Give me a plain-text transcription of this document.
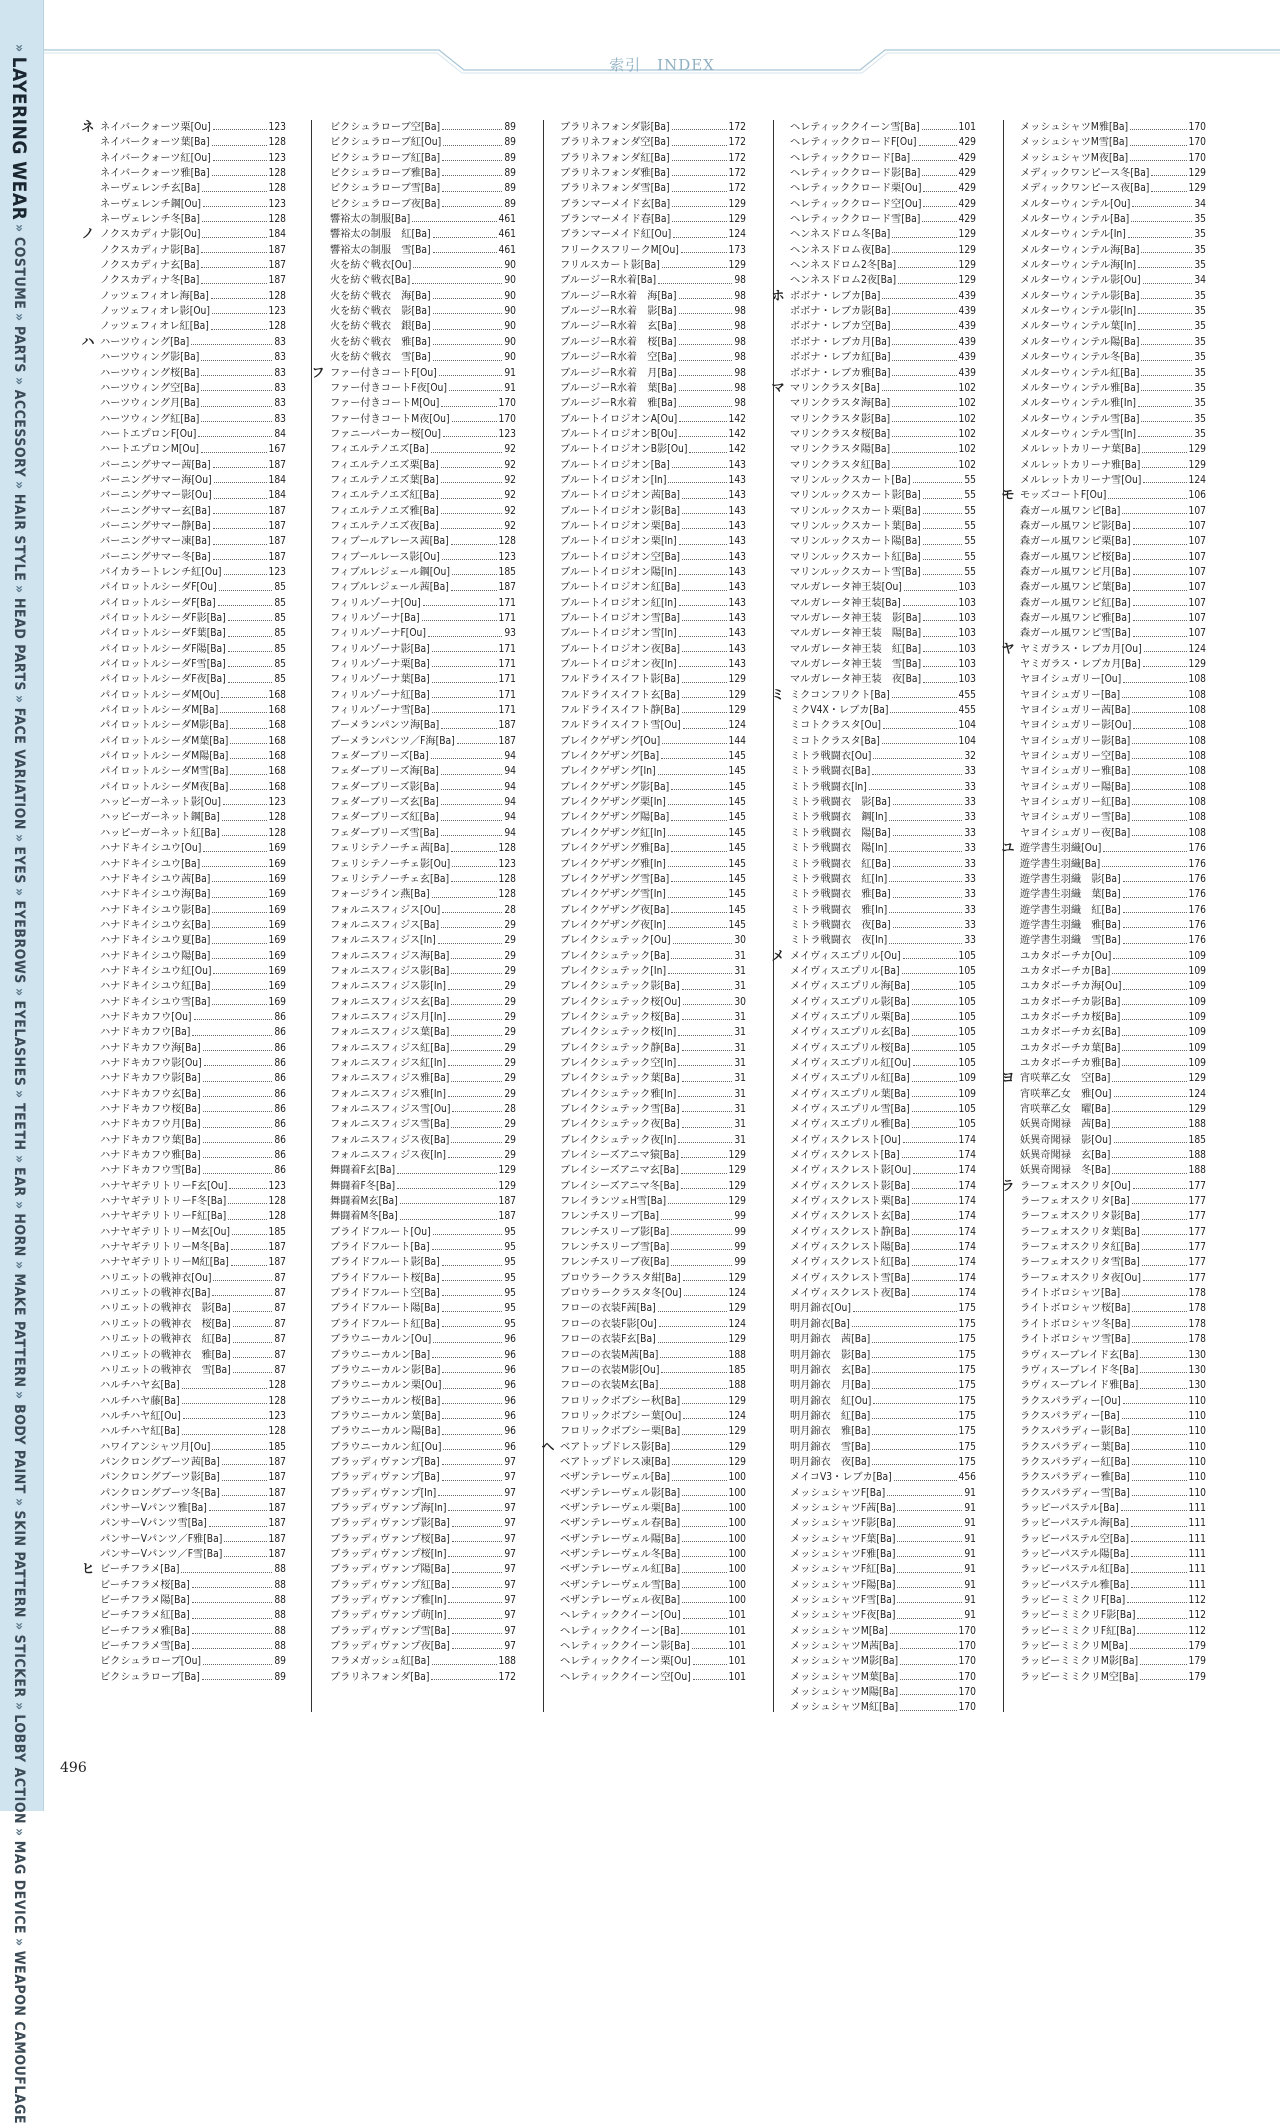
»LAYERING WEAR»COSTUME»PARTS»ACCESSORY»HAIR STYLE»HEAD PARTS»FACE VARIATION»EYES»EYEBROWS»EYELASHES»TEETH»EAR»HORN»MAKE PATTERN»BODY PAINT»SKIN PATTERN»STICKER»LOBBY ACTION»MAG DEVICE»WEAPON CAMOUFLAGE
索引　INDEX
ネ ネイバークォーツ栗[Ou]	123
ネイバークォーツ葉[Ba]	128
ネイバークォーツ紅[Ou]	123
ネイバークォーツ雅[Ba]	128
ネーヴェレンチ玄[Ba]	128
ネーヴェレンチ鋼[Ou]	123
ネーヴェレンチ冬[Ba]	128
ノ ノクスカディナ影[Ou]	184
ノクスカディナ影[Ba]	187
ノクスカディナ玄[Ba]	187
ノクスカディナ冬[Ba]	187
ノッツェフィオレ海[Ba]	128
ノッツェフィオレ影[Ou]	123
ノッツェフィオレ紅[Ba]	128
ハ ハーツウィング[Ba]	83
ハーツウィング影[Ba]	83
ハーツウィング桜[Ba]	83
ハーツウィング空[Ba]	83
ハーツウィング月[Ba]	83
ハーツウィング紅[Ba]	83
ハートエプロンF[Ou]	84
ハートエプロンM[Ou]	167
バーニングサマー茜[Ba]	187
バーニングサマー海[Ou]	184
バーニングサマー影[Ou]	184
バーニングサマー玄[Ba]	187
バーニングサマー静[Ba]	187
バーニングサマー凍[Ba]	187
バーニングサマー冬[Ba]	187
バイカラートレンチ紅[Ou]	123
パイロットルシーダF[Ou]	85
パイロットルシーダF[Ba]	85
パイロットルシーダF影[Ba]	85
パイロットルシーダF葉[Ba]	85
パイロットルシーダF陽[Ba]	85
パイロットルシーダF雪[Ba]	85
パイロットルシーダF夜[Ba]	85
パイロットルシーダM[Ou]	168
パイロットルシーダM[Ba]	168
パイロットルシーダM影[Ba]	168
パイロットルシーダM葉[Ba]	168
パイロットルシーダM陽[Ba]	168
パイロットルシーダM雪[Ba]	168
パイロットルシーダM夜[Ba]	168
ハッピーガーネット影[Ou]	123
ハッピーガーネット鋼[Ba]	128
ハッピーガーネット紅[Ba]	128
ハナドキイシユウ[Ou]	169
ハナドキイシユウ[Ba]	169
ハナドキイシユウ茜[Ba]	169
ハナドキイシユウ海[Ba]	169
ハナドキイシユウ影[Ba]	169
ハナドキイシユウ玄[Ba]	169
ハナドキイシユウ夏[Ba]	169
ハナドキイシユウ陽[Ba]	169
ハナドキイシユウ紅[Ou]	169
ハナドキイシユウ紅[Ba]	169
ハナドキイシユウ雪[Ba]	169
ハナドキカフウ[Ou]	86
ハナドキカフウ[Ba]	86
ハナドキカフウ海[Ba]	86
ハナドキカフウ影[Ou]	86
ハナドキカフウ影[Ba]	86
ハナドキカフウ玄[Ba]	86
ハナドキカフウ桜[Ba]	86
ハナドキカフウ月[Ba]	86
ハナドキカフウ葉[Ba]	86
ハナドキカフウ雅[Ba]	86
ハナドキカフウ雪[Ba]	86
ハナヤギテリトリーF玄[Ou]	123
ハナヤギテリトリーF冬[Ba]	128
ハナヤギテリトリーF紅[Ba]	128
ハナヤギテリトリーM玄[Ou]	185
ハナヤギテリトリーM冬[Ba]	187
ハナヤギテリトリーM紅[Ba]	187
ハリエットの戦神衣[Ou]	87
ハリエットの戦神衣[Ba]	87
ハリエットの戦神衣　影[Ba]	87
ハリエットの戦神衣　桜[Ba]	87
ハリエットの戦神衣　紅[Ba]	87
ハリエットの戦神衣　雅[Ba]	87
ハリエットの戦神衣　雪[Ba]	87
ハルチハヤ玄[Ba]	128
ハルチハヤ藤[Ba]	128
ハルチハヤ紅[Ou]	123
ハルチハヤ紅[Ba]	128
ハワイアンシャツ月[Ou]	185
パンクロングブーツ茜[Ba]	187
パンクロングブーツ影[Ba]	187
パンクロングブーツ冬[Ba]	187
パンサーVパンツ雅[Ba]	187
パンサーVパンツ雪[Ba]	187
パンサーVパンツ／F雅[Ba]	187
パンサーVパンツ／F雪[Ba]	187
ヒ ビーチフラメ[Ba]	88
ビーチフラメ桜[Ba]	88
ビーチフラメ陽[Ba]	88
ビーチフラメ紅[Ba]	88
ビーチフラメ雅[Ba]	88
ビーチフラメ雪[Ba]	88
ビクシュラローブ[Ou]	89
ビクシュラローブ[Ba]	89
ビクシュラローブ空[Ba]	89
ビクシュラローブ紅[Ou]	89
ビクシュラローブ紅[Ba]	89
ビクシュラローブ雅[Ba]	89
ビクシュラローブ雪[Ba]	89
ビクシュラローブ夜[Ba]	89
響裕太の制服[Ba]	461
響裕太の制服　紅[Ba]	461
響裕太の制服　雪[Ba]	461
火を紡ぐ戦衣[Ou]	90
火を紡ぐ戦衣[Ba]	90
火を紡ぐ戦衣　海[Ba]	90
火を紡ぐ戦衣　影[Ba]	90
火を紡ぐ戦衣　銀[Ba]	90
火を紡ぐ戦衣　雅[Ba]	90
火を紡ぐ戦衣　雪[Ba]	90
フ ファー付きコートF[Ou]	91
ファー付きコートF夜[Ou]	91
ファー付きコートM[Ou]	170
ファー付きコートM夜[Ou]	170
ファニーパーカー桜[Ou]	123
フィエルテノエズ[Ba]	92
フィエルテノエズ栗[Ba]	92
フィエルテノエズ葉[Ba]	92
フィエルテノエズ紅[Ba]	92
フィエルテノエズ雅[Ba]	92
フィエルテノエズ夜[Ba]	92
フィブールアレース茜[Ba]	128
フィブールレース影[Ou]	123
フィブルレジェール鋼[Ou]	185
フィブルレジェール茜[Ba]	187
フィリルゾーナ[Ou]	171
フィリルゾーナ[Ba]	171
フィリルゾーナF[Ou]	93
フィリルゾーナ影[Ba]	171
フィリルゾーナ栗[Ba]	171
フィリルゾーナ葉[Ba]	171
フィリルゾーナ紅[Ba]	171
フィリルゾーナ雪[Ba]	171
ブーメランパンツ海[Ba]	187
ブーメランパンツ／F海[Ba]	187
フェダーブリーズ[Ba]	94
フェダーブリーズ海[Ba]	94
フェダーブリーズ影[Ba]	94
フェダーブリーズ玄[Ba]	94
フェダーブリーズ紅[Ba]	94
フェダーブリーズ雪[Ba]	94
フェリシテノーチェ茜[Ba]	128
フェリシテノーチェ影[Ou]	123
フェリシテノーチェ玄[Ba]	128
フォージライン燕[Ba]	128
フォルニスフィジス[Ou]	28
フォルニスフィジス[Ba]	29
フォルニスフィジス[In]	29
フォルニスフィジス海[Ba]	29
フォルニスフィジス影[Ba]	29
フォルニスフィジス影[In]	29
フォルニスフィジス玄[Ba]	29
フォルニスフィジス月[In]	29
フォルニスフィジス葉[Ba]	29
フォルニスフィジス紅[Ba]	29
フォルニスフィジス紅[In]	29
フォルニスフィジス雅[Ba]	29
フォルニスフィジス雅[In]	29
フォルニスフィジス雪[Ou]	28
フォルニスフィジス雪[Ba]	29
フォルニスフィジス夜[Ba]	29
フォルニスフィジス夜[In]	29
舞闘着F玄[Ba]	129
舞闘着F冬[Ba]	129
舞闘着M玄[Ba]	187
舞闘着M冬[Ba]	187
ブライドフルート[Ou]	95
ブライドフルート[Ba]	95
ブライドフルート影[Ba]	95
ブライドフルート桜[Ba]	95
ブライドフルート空[Ba]	95
ブライドフルート陽[Ba]	95
ブライドフルート紅[Ba]	95
ブラウニーカルン[Ou]	96
ブラウニーカルン[Ba]	96
ブラウニーカルン影[Ba]	96
ブラウニーカルン栗[Ou]	96
ブラウニーカルン桜[Ba]	96
ブラウニーカルン葉[Ba]	96
ブラウニーカルン陽[Ba]	96
ブラウニーカルン紅[Ou]	96
ブラッディヴァンプ[Ba]	97
ブラッディヴァンプ[Ba]	97
ブラッディヴァンプ[In]	97
ブラッディヴァンプ海[In]	97
ブラッディヴァンプ影[Ba]	97
ブラッディヴァンプ桜[Ba]	97
ブラッディヴァンプ桜[In]	97
ブラッディヴァンプ陽[Ba]	97
ブラッディヴァンプ紅[Ba]	97
ブラッディヴァンプ雅[In]	97
ブラッディヴァンプ萌[In]	97
ブラッディヴァンプ雪[Ba]	97
ブラッディヴァンプ夜[Ba]	97
フラメガッシュ紅[Ba]	188
ブラリネフォンダ[Ba]	172
ブラリネフォンダ影[Ba]	172
ブラリネフォンダ空[Ba]	172
ブラリネフォンダ紅[Ba]	172
ブラリネフォンダ雅[Ba]	172
ブラリネフォンダ雪[Ba]	172
ブランマーメイド玄[Ba]	129
ブランマーメイド春[Ba]	129
ブランマーメイド紅[Ou]	124
フリークスフリークM[Ou]	173
フリルスカート影[Ba]	129
ブルージーR水着[Ba]	98
ブルージーR水着　海[Ba]	98
ブルージーR水着　影[Ba]	98
ブルージーR水着　玄[Ba]	98
ブルージーR水着　桜[Ba]	98
ブルージーR水着　空[Ba]	98
ブルージーR水着　月[Ba]	98
ブルージーR水着　葉[Ba]	98
ブルージーR水着　雅[Ba]	98
ブルートイロジオンA[Ou]	142
ブルートイロジオンB[Ou]	142
ブルートイロジオンB影[Ou]	142
ブルートイロジオン[Ba]	143
ブルートイロジオン[In]	143
ブルートイロジオン茜[Ba]	143
ブルートイロジオン影[Ba]	143
ブルートイロジオン栗[Ba]	143
ブルートイロジオン栗[In]	143
ブルートイロジオン空[Ba]	143
ブルートイロジオン陽[In]	143
ブルートイロジオン紅[Ba]	143
ブルートイロジオン紅[In]	143
ブルートイロジオン雪[Ba]	143
ブルートイロジオン雪[In]	143
ブルートイロジオン夜[Ba]	143
ブルートイロジオン夜[In]	143
フルドライスイフト影[Ba]	129
フルドライスイフト玄[Ba]	129
フルドライスイフト静[Ba]	129
フルドライスイフト雪[Ou]	124
ブレイクゲザング[Ou]	144
ブレイクゲザング[Ba]	145
ブレイクゲザング[In]	145
ブレイクゲザング影[Ba]	145
ブレイクゲザング栗[In]	145
ブレイクゲザング陽[Ba]	145
ブレイクゲザング紅[In]	145
ブレイクゲザング雅[Ba]	145
ブレイクゲザング雅[In]	145
ブレイクゲザング雪[Ba]	145
ブレイクゲザング雪[In]	145
ブレイクゲザング夜[Ba]	145
ブレイクゲザング夜[In]	145
ブレイクシュテック[Ou]	30
ブレイクシュテック[Ba]	31
ブレイクシュテック[In]	31
ブレイクシュテック影[Ba]	31
ブレイクシュテック桜[Ou]	30
ブレイクシュテック桜[Ba]	31
ブレイクシュテック桜[In]	31
ブレイクシュテック静[Ba]	31
ブレイクシュテック空[In]	31
ブレイクシュテック葉[Ba]	31
ブレイクシュテック雅[In]	31
ブレイクシュテック雪[Ba]	31
ブレイクシュテック夜[Ba]	31
ブレイクシュテック夜[In]	31
ブレイシーズアニマ猿[Ba]	129
ブレイシーズアニマ玄[Ba]	129
ブレイシーズアニマ冬[Ba]	129
フレイランツェH雪[Ba]	129
フレンチスリーブ[Ba]	99
フレンチスリーブ影[Ba]	99
フレンチスリーブ雪[Ba]	99
フレンチスリーブ夜[Ba]	99
ブロウラークラスタ紺[Ba]	129
ブロウラークラスタ冬[Ou]	124
フローの衣装F茜[Ba]	129
フローの衣装F影[Ou]	124
フローの衣装F玄[Ba]	129
フローの衣装M茜[Ba]	188
フローの衣装M影[Ou]	185
フローの衣装M玄[Ba]	188
フロリックボブシー秋[Ba]	129
フロリックボブシー葉[Ou]	124
フロリックボブシー栗[Ba]	129
ヘ ベアトップドレス影[Ba]	129
ベアトップドレス凍[Ba]	129
ベザンテレーヴェル[Ba]	100
ベザンテレーヴェル影[Ba]	100
ベザンテレーヴェル栗[Ba]	100
ベザンテレーヴェル春[Ba]	100
ベザンテレーヴェル陽[Ba]	100
ベザンテレーヴェル冬[Ba]	100
ベザンテレーヴェル紅[Ba]	100
ベザンテレーヴェル雪[Ba]	100
ベザンテレーヴェル夜[Ba]	100
ヘレティッククイーン[Ou]	101
ヘレティッククイーン[Ba]	101
ヘレティッククイーン影[Ba]	101
ヘレティッククイーン栗[Ou]	101
ヘレティッククイーン空[Ou]	101
ヘレティッククイーン雪[Ba]	101
ヘレティッククロードF[Ou]	429
ヘレティッククロード[Ba]	429
ヘレティッククロード影[Ba]	429
ヘレティッククロード栗[Ou]	429
ヘレティッククロード空[Ou]	429
ヘレティッククロード雪[Ba]	429
ヘンネスドロム冬[Ba]	129
ヘンネスドロム夜[Ba]	129
ヘンネスドロム2冬[Ba]	129
ヘンネスドロム2夜[Ba]	129
ホ ボボナ・レブカ[Ba]	439
ボボナ・レブカ影[Ba]	439
ボボナ・レブカ空[Ba]	439
ボボナ・レブカ月[Ba]	439
ボボナ・レブカ紅[Ba]	439
ボボナ・レブカ雅[Ba]	439
マ マリンクラスタ[Ba]	102
マリンクラスタ海[Ba]	102
マリンクラスタ影[Ba]	102
マリンクラスタ桜[Ba]	102
マリンクラスタ陽[Ba]	102
マリンクラスタ紅[Ba]	102
マリンルックスカート[Ba]	55
マリンルックスカート影[Ba]	55
マリンルックスカート栗[Ba]	55
マリンルックスカート葉[Ba]	55
マリンルックスカート陽[Ba]	55
マリンルックスカート紅[Ba]	55
マリンルックスカート雪[Ba]	55
マルガレータ神王装[Ou]	103
マルガレータ神王装[Ba]	103
マルガレータ神王装　影[Ba]	103
マルガレータ神王装　陽[Ba]	103
マルガレータ神王装　紅[Ba]	103
マルガレータ神王装　雪[Ba]	103
マルガレータ神王装　夜[Ba]	103
ミ ミクコンフリクト[Ba]	455
ミクV4X・レブカ[Ba]	455
ミコトクラスタ[Ou]	104
ミコトクラスタ[Ba]	104
ミトラ戦闘衣[Ou]	32
ミトラ戦闘衣[Ba]	33
ミトラ戦闘衣[In]	33
ミトラ戦闘衣　影[Ba]	33
ミトラ戦闘衣　鋼[In]	33
ミトラ戦闘衣　陽[Ba]	33
ミトラ戦闘衣　陽[In]	33
ミトラ戦闘衣　紅[Ba]	33
ミトラ戦闘衣　紅[In]	33
ミトラ戦闘衣　雅[Ba]	33
ミトラ戦闘衣　雅[In]	33
ミトラ戦闘衣　夜[Ba]	33
ミトラ戦闘衣　夜[In]	33
メ メイヴィスエプリル[Ou]	105
メイヴィスエプリル[Ba]	105
メイヴィスエプリル海[Ba]	105
メイヴィスエプリル影[Ba]	105
メイヴィスエプリル栗[Ba]	105
メイヴィスエプリル玄[Ba]	105
メイヴィスエプリル桜[Ba]	105
メイヴィスエプリル紅[Ou]	105
メイヴィスエプリル紅[Ba]	109
メイヴィスエプリル葉[Ba]	109
メイヴィスエプリル雪[Ba]	105
メイヴィスエプリル雅[Ba]	105
メイヴィスクレスト[Ou]	174
メイヴィスクレスト[Ba]	174
メイヴィスクレスト影[Ou]	174
メイヴィスクレスト影[Ba]	174
メイヴィスクレスト栗[Ba]	174
メイヴィスクレスト玄[Ba]	174
メイヴィスクレスト静[Ba]	174
メイヴィスクレスト陽[Ba]	174
メイヴィスクレスト紅[Ba]	174
メイヴィスクレスト雪[Ba]	174
メイヴィスクレスト夜[Ba]	174
明月錦衣[Ou]	175
明月錦衣[Ba]	175
明月錦衣　茜[Ba]	175
明月錦衣　影[Ba]	175
明月錦衣　玄[Ba]	175
明月錦衣　月[Ba]	175
明月錦衣　紅[Ou]	175
明月錦衣　紅[Ba]	175
明月錦衣　雅[Ba]	175
明月錦衣　雪[Ba]	175
明月錦衣　夜[Ba]	175
メイコV3・レブカ[Ba]	456
メッシュシャツF[Ba]	91
メッシュシャツF茜[Ba]	91
メッシュシャツF影[Ba]	91
メッシュシャツF葉[Ba]	91
メッシュシャツF雅[Ba]	91
メッシュシャツF紅[Ba]	91
メッシュシャツF陽[Ba]	91
メッシュシャツF雪[Ba]	91
メッシュシャツF夜[Ba]	91
メッシュシャツM[Ba]	170
メッシュシャツM茜[Ba]	170
メッシュシャツM影[Ba]	170
メッシュシャツM葉[Ba]	170
メッシュシャツM陽[Ba]	170
メッシュシャツM紅[Ba]	170
メッシュシャツM雅[Ba]	170
メッシュシャツM雪[Ba]	170
メッシュシャツM夜[Ba]	170
メディックワンピース冬[Ba]	129
メディックワンピース夜[Ba]	129
メルターウィンテル[Ou]	34
メルターウィンテル[Ba]	35
メルターウィンテル[In]	35
メルターウィンテル海[Ba]	35
メルターウィンテル海[In]	35
メルターウィンテル影[Ou]	34
メルターウィンテル影[Ba]	35
メルターウィンテル影[In]	35
メルターウィンテル葉[In]	35
メルターウィンテル陽[Ba]	35
メルターウィンテル冬[Ba]	35
メルターウィンテル紅[Ba]	35
メルターウィンテル雅[Ba]	35
メルターウィンテル雅[In]	35
メルターウィンテル雪[Ba]	35
メルターウィンテル雪[In]	35
メルレットカリーナ葉[Ba]	129
メルレットカリーナ雅[Ba]	129
メルレットカリーナ雪[Ou]	124
モ モッズコートF[Ou]	106
森ガール風ワンピ[Ba]	107
森ガール風ワンピ影[Ba]	107
森ガール風ワンピ栗[Ba]	107
森ガール風ワンピ桜[Ba]	107
森ガール風ワンピ月[Ba]	107
森ガール風ワンピ葉[Ba]	107
森ガール風ワンピ紅[Ba]	107
森ガール風ワンピ雅[Ba]	107
森ガール風ワンピ雪[Ba]	107
ヤ ヤミガラス・レブカ月[Ou]	124
ヤミガラス・レブカ月[Ba]	129
ヤヨイシュガリー[Ou]	108
ヤヨイシュガリー[Ba]	108
ヤヨイシュガリー茜[Ba]	108
ヤヨイシュガリー影[Ou]	108
ヤヨイシュガリー影[Ba]	108
ヤヨイシュガリー空[Ba]	108
ヤヨイシュガリー雅[Ba]	108
ヤヨイシュガリー陽[Ba]	108
ヤヨイシュガリー紅[Ba]	108
ヤヨイシュガリー雪[Ba]	108
ヤヨイシュガリー夜[Ba]	108
ユ 遊学書生羽織[Ou]	176
遊学書生羽織[Ba]	176
遊学書生羽織　影[Ba]	176
遊学書生羽織　葉[Ba]	176
遊学書生羽織　紅[Ba]	176
遊学書生羽織　雅[Ba]	176
遊学書生羽織　雪[Ba]	176
ユカタボーチカ[Ou]	109
ユカタボーチカ[Ba]	109
ユカタボーチカ海[Ou]	109
ユカタボーチカ影[Ba]	109
ユカタボーチカ桜[Ba]	109
ユカタボーチカ玄[Ba]	109
ユカタボーチカ葉[Ba]	109
ユカタボーチカ雅[Ba]	109
ヨ 宵咲華乙女　空[Ba]	129
宵咲華乙女　雅[Ou]	124
宵咲華乙女　曜[Ba]	129
妖異奇聞禄　茜[Ba]	188
妖異奇聞禄　影[Ou]	185
妖異奇聞禄　玄[Ba]	188
妖異奇聞禄　冬[Ba]	188
ラ ラーフェオスクリタ[Ou]	177
ラーフェオスクリタ[Ba]	177
ラーフェオスクリタ影[Ba]	177
ラーフェオスクリタ葉[Ba]	177
ラーフェオスクリタ紅[Ba]	177
ラーフェオスクリタ雪[Ba]	177
ラーフェオスクリタ夜[Ou]	177
ライトボロシャツ[Ba]	178
ライトボロシャツ桜[Ba]	178
ライトボロシャツ冬[Ba]	178
ライトボロシャツ雪[Ba]	178
ラヴィスーブレイド玄[Ba]	130
ラヴィスーブレイド冬[Ba]	130
ラヴィスーブレイド雅[Ba]	130
ラクスパラディー[Ou]	110
ラクスパラディー[Ba]	110
ラクスパラディー影[Ba]	110
ラクスパラディー葉[Ba]	110
ラクスパラディー紅[Ba]	110
ラクスパラディー雅[Ba]	110
ラクスパラディー雪[Ba]	110
ラッピーパステル[Ba]	111
ラッピーパステル海[Ba]	111
ラッピーパステル空[Ba]	111
ラッピーパステル陽[Ba]	111
ラッピーパステル紅[Ba]	111
ラッピーパステル雅[Ba]	111
ラッピーミミクリF[Ba]	112
ラッピーミミクリF影[Ba]	112
ラッピーミミクリF紅[Ba]	112
ラッピーミミクリM[Ba]	179
ラッピーミミクリM影[Ba]	179
ラッピーミミクリM空[Ba]	179
496
